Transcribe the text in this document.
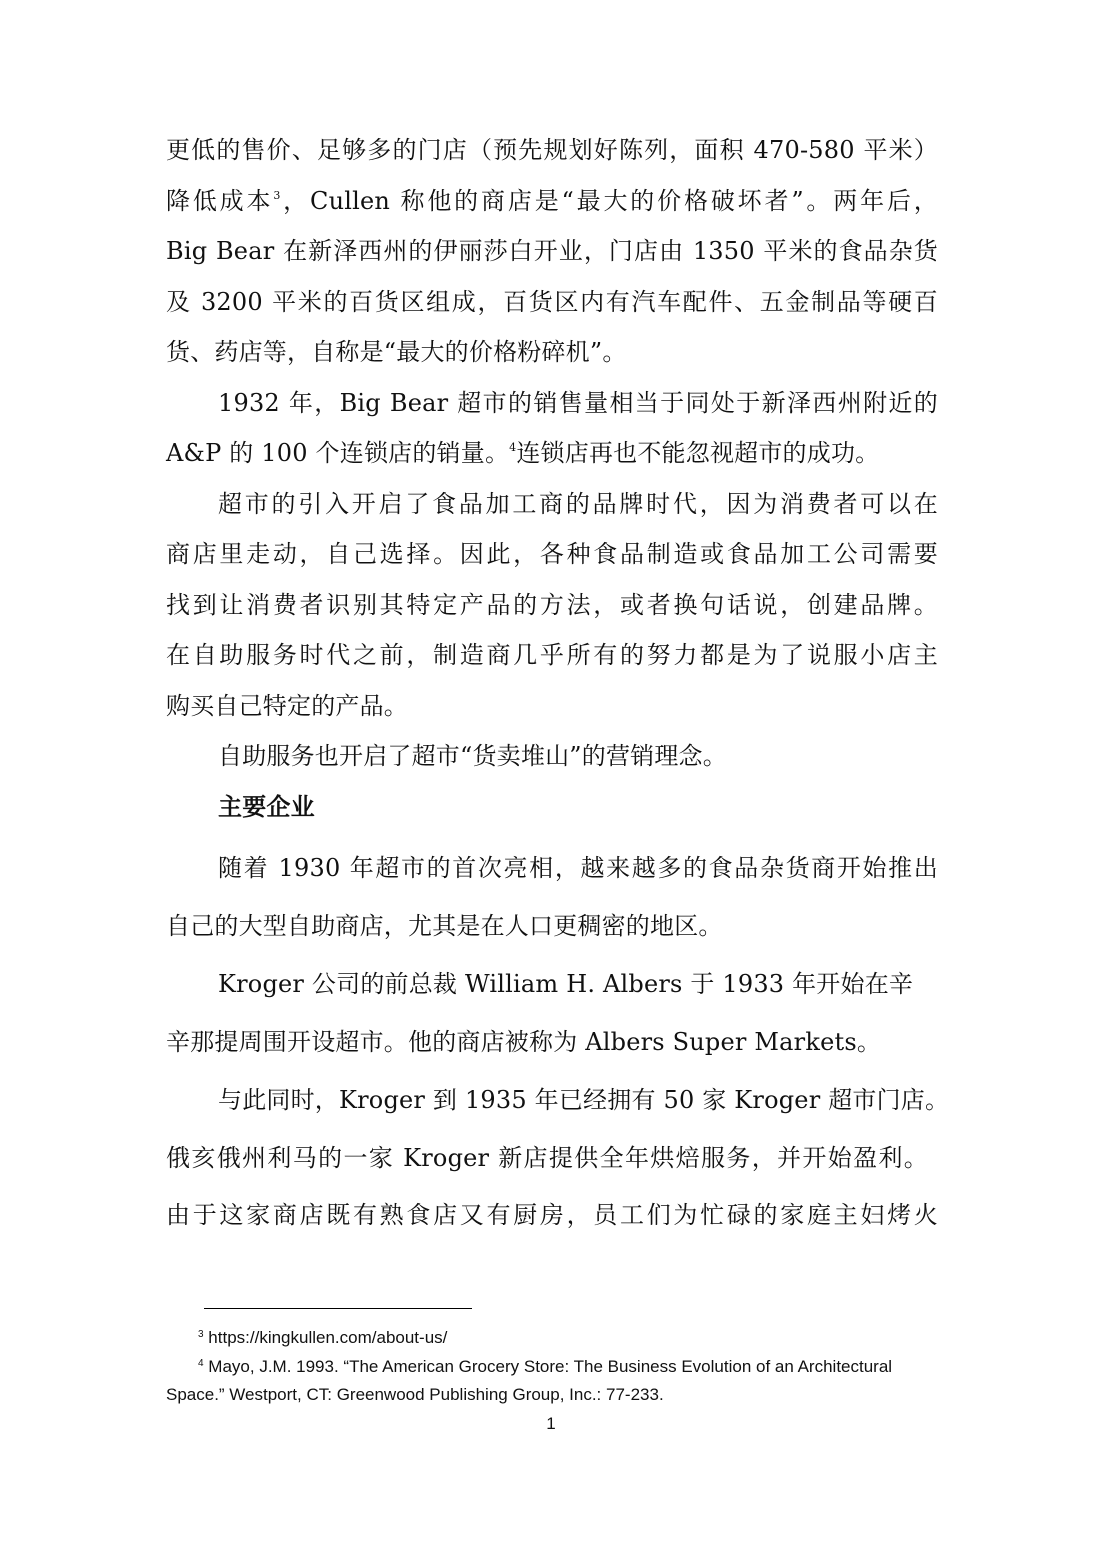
更低的售价、足够多的门店（预先规划好陈列，面积 470-580 平米）
降低成本$^3$，Cullen 称他的商店是“最大的价格破坏者”。两年后，
Big Bear 在新泽西州的伊丽莎白开业，门店由 1350 平米的食品杂货
及 3200 平米的百货区组成，百货区内有汽车配件、五金制品等硬百
货、药店等，自称是“最大的价格粉碎机”。
1932 年，Big Bear 超市的销售量相当于同处于新泽西州附近的
A&P 的 100 个连锁店的销量。$^4$连锁店再也不能忽视超市的成功。
超市的引入开启了食品加工商的品牌时代，因为消费者可以在
商店里走动，自己选择。因此，各种食品制造或食品加工公司需要
找到让消费者识别其特定产品的方法，或者换句话说，创建品牌。
在自助服务时代之前，制造商几乎所有的努力都是为了说服小店主
购买自己特定的产品。
自助服务也开启了超市“货卖堆山”的营销理念。
主要企业
随着 1930 年超市的首次亮相，越来越多的食品杂货商开始推出
自己的大型自助商店，尤其是在人口更稠密的地区。
Kroger 公司的前总裁 William H. Albers 于 1933 年开始在辛
辛那提周围开设超市。他的商店被称为 Albers Super Markets。
与此同时，Kroger 到 1935 年已经拥有 50 家 Kroger 超市门店。
俄亥俄州利马的一家 Kroger 新店提供全年烘焙服务，并开始盈利。
由于这家商店既有熟食店又有厨房，员工们为忙碌的家庭主妇烤火
$^3$ https://kingkullen.com/about-us/
$^4$ Mayo, J.M. 1993. “The American Grocery Store: The Business Evolution of an Architectural
Space.” Westport, CT: Greenwood Publishing Group, Inc.: 77-233.
1
